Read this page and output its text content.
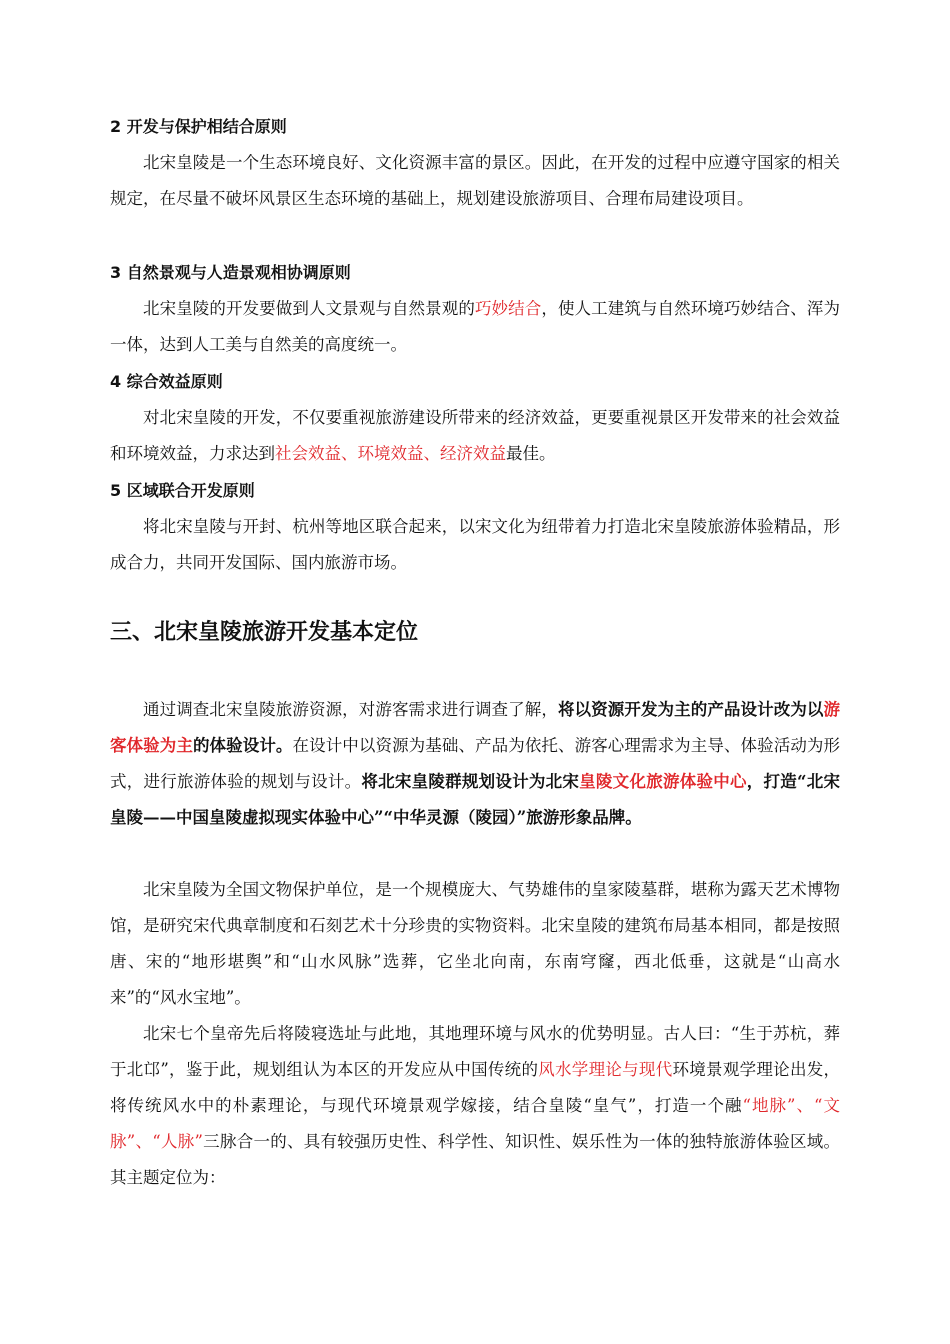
2 开发与保护相结合原则

北宋皇陵是一个生态环境良好、文化资源丰富的景区。因此，在开发的过程中应遵守国家的相关规定，在尽量不破坏风景区生态环境的基础上，规划建设旅游项目、合理布局建设项目。

3 自然景观与人造景观相协调原则

北宋皇陵的开发要做到人文景观与自然景观的巧妙结合，使人工建筑与自然环境巧妙结合、浑为一体，达到人工美与自然美的高度统一。

4 综合效益原则

对北宋皇陵的开发，不仅要重视旅游建设所带来的经济效益，更要重视景区开发带来的社会效益和环境效益，力求达到社会效益、环境效益、经济效益最佳。

5 区域联合开发原则

将北宋皇陵与开封、杭州等地区联合起来，以宋文化为纽带着力打造北宋皇陵旅游体验精品，形成合力，共同开发国际、国内旅游市场。

三、北宋皇陵旅游开发基本定位

通过调查北宋皇陵旅游资源，对游客需求进行调查了解，将以资源开发为主的产品设计改为以游客体验为主的体验设计。在设计中以资源为基础、产品为依托、游客心理需求为主导、体验活动为形式，进行旅游体验的规划与设计。将北宋皇陵群规划设计为北宋皇陵文化旅游体验中心，打造“北宋皇陵——中国皇陵虚拟现实体验中心”“中华灵源（陵园）”旅游形象品牌。

北宋皇陵为全国文物保护单位，是一个规模庞大、气势雄伟的皇家陵墓群，堪称为露天艺术博物馆，是研究宋代典章制度和石刻艺术十分珍贵的实物资料。北宋皇陵的建筑布局基本相同，都是按照唐、宋的“地形堪舆”和“山水风脉”选葬，它坐北向南，东南穹窿，西北低垂，这就是“山高水来”的“风水宝地”。

北宋七个皇帝先后将陵寝选址与此地，其地理环境与风水的优势明显。古人曰：“生于苏杭，葬于北邙”，鉴于此，规划组认为本区的开发应从中国传统的风水学理论与现代环境景观学理论出发，将传统风水中的朴素理论，与现代环境景观学嫁接，结合皇陵“皇气”，打造一个融“地脉”、“文脉”、“人脉”三脉合一的、具有较强历史性、科学性、知识性、娱乐性为一体的独特旅游体验区域。其主题定位为：
